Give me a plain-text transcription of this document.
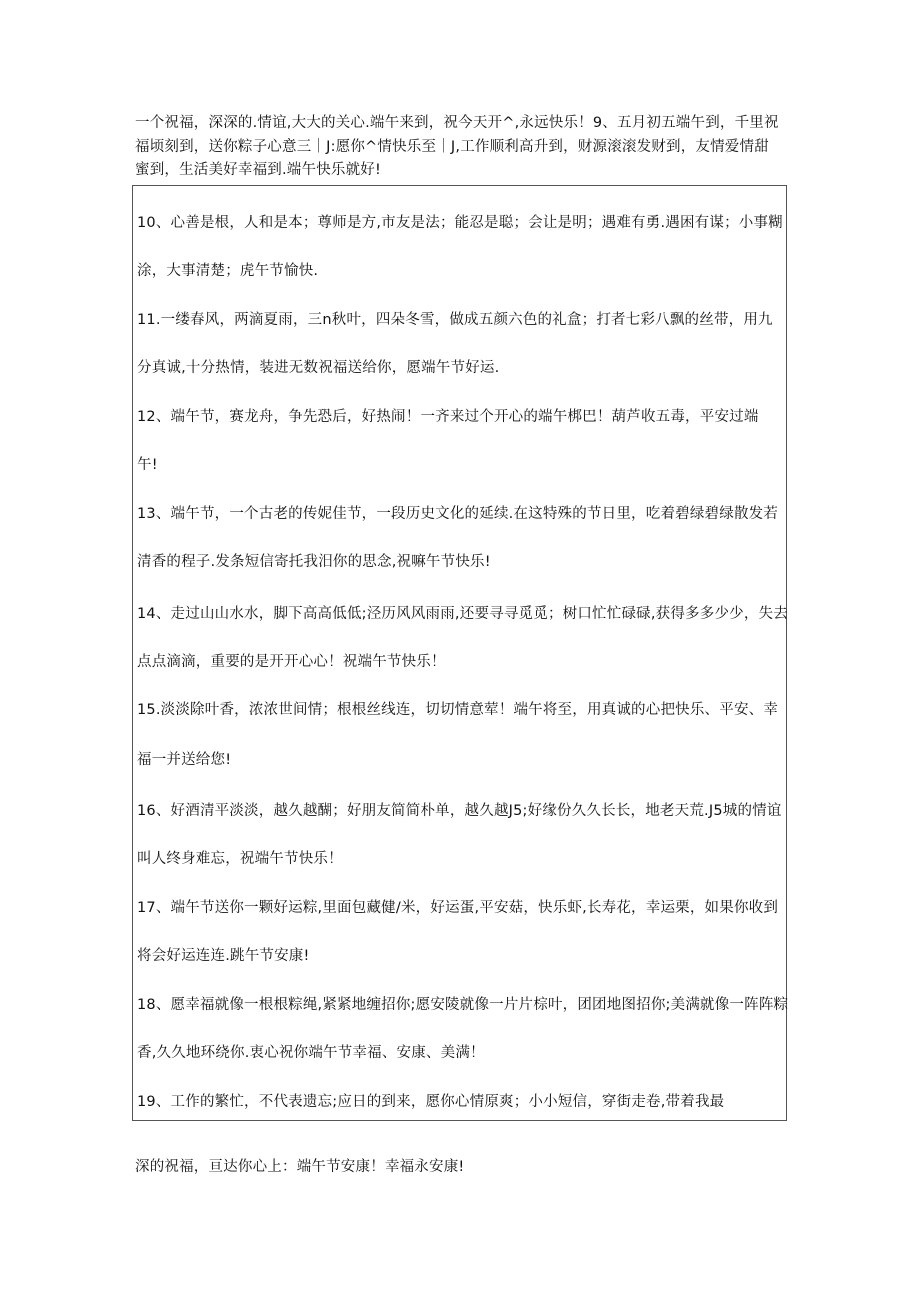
一个祝福，深深的.情谊,大大的关心.端午来到，祝今天开^,永远快乐！9、五月初五端午到，千里祝
福顷刻到，送你粽子心意三｜J:愿你^情快乐至｜J,工作顺利高升到，财源滚滚发财到，友情爱情甜
蜜到，生活美好幸福到.端午快乐就好!
10、心善是根，人和是本；尊师是方,市友是法；能忍是聪；会让是明；遇难有勇.遇困有谋；小事糊
涂，大事清楚；虎午节愉快.
11.一缕春风，两滴夏雨，三n秋叶，四朵冬雪，做成五颜六色的礼盒；打者七彩八飘的丝带，用九
分真诚,十分热情，装进无数祝福送给你，愿端午节好运.
12、端午节，赛龙舟，争先恐后，好热闹！一齐来过个开心的端午梆巴！葫芦收五毒，平安过端
午!
13、端午节，一个古老的传妮佳节，一段历史文化的延续.在这特殊的节日里，吃着碧绿碧绿散发若
清香的程子.发条短信寄托我汨你的思念,祝嘛午节快乐!
14、走过山山水水，脚下高高低低;泾历风风雨雨,还要寻寻觅觅；树口忙忙碌碌,获得多多少少，失去
点点滴滴，重要的是开开心心！祝端午节快乐！
15.淡淡除叶香，浓浓世间情；根根丝线连，切切情意荤！端午将至，用真诚的心把快乐、平安、幸
福一并送给您!
16、好酒清平淡淡，越久越醐；好朋友简简朴单，越久越J5;好缘份久久长长，地老天荒.J5城的情谊
叫人终身难忘，祝端午节快乐！
17、端午节送你一颗好运粽,里面包藏健/米，好运蛋,平安菇，快乐虾,长寿花，幸运栗，如果你收到
将会好运连连.跳午节安康!
18、愿幸福就像一根根粽绳,紧紧地缠招你;愿安陵就像一片片棕叶，团团地图招你;美满就像一阵阵粽
香,久久地环绕你.衷心祝你端午节幸福、安康、美满！
19、工作的繁忙，不代表遗忘;应日的到来，愿你心情原爽；小小短信，穿街走卷,带着我最
深的祝福，亘达你心上：端午节安康！幸福永安康!
